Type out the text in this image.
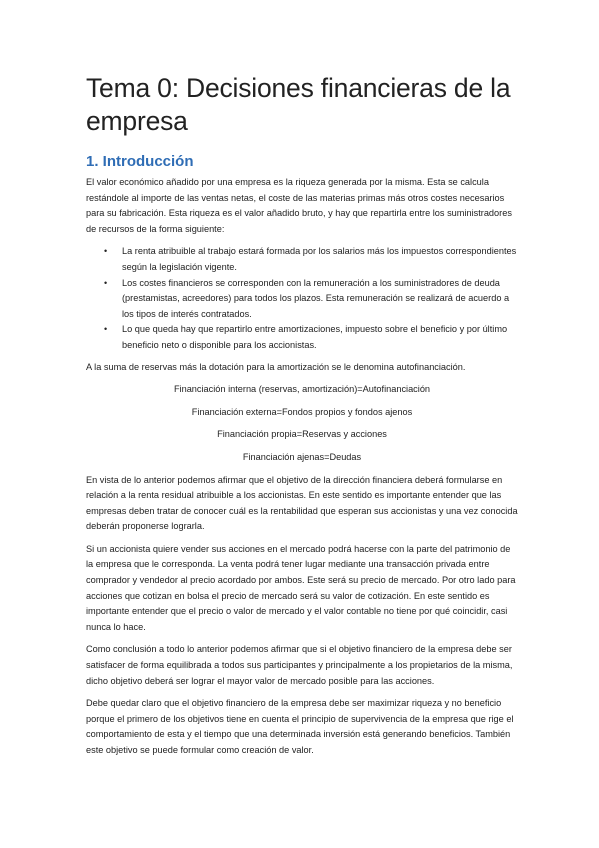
Tema 0: Decisiones financieras de la empresa
1. Introducción

El valor económico añadido por una empresa es la riqueza generada por la misma. Esta se calcula restándole al importe de las ventas netas, el coste de las materias primas más otros costes necesarios para su fabricación. Esta riqueza es el valor añadido bruto, y hay que repartirla entre los suministradores de recursos de la forma siguiente:

• La renta atribuible al trabajo estará formada por los salarios más los impuestos correspondientes según la legislación vigente.
• Los costes financieros se corresponden con la remuneración a los suministradores de deuda (prestamistas, acreedores) para todos los plazos. Esta remuneración se realizará de acuerdo a los tipos de interés contratados.
• Lo que queda hay que repartirlo entre amortizaciones, impuesto sobre el beneficio y por último beneficio neto o disponible para los accionistas.

A la suma de reservas más la dotación para la amortización se le denomina autofinanciación.

Financiación interna (reservas, amortización)=Autofinanciación

Financiación externa=Fondos propios y fondos ajenos

Financiación propia=Reservas y acciones

Financiación ajenas=Deudas

En vista de lo anterior podemos afirmar que el objetivo de la dirección financiera deberá formularse en relación a la renta residual atribuible a los accionistas. En este sentido es importante entender que las empresas deben tratar de conocer cuál es la rentabilidad que esperan sus accionistas y una vez conocida deberán proponerse lograrla.

Si un accionista quiere vender sus acciones en el mercado podrá hacerse con la parte del patrimonio de la empresa que le corresponda. La venta podrá tener lugar mediante una transacción privada entre comprador y vendedor al precio acordado por ambos. Este será su precio de mercado. Por otro lado para acciones que cotizan en bolsa el precio de mercado será su valor de cotización. En este sentido es importante entender que el precio o valor de mercado y el valor contable no tiene por qué coincidir, casi nunca lo hace.

Como conclusión a todo lo anterior podemos afirmar que si el objetivo financiero de la empresa debe ser satisfacer de forma equilibrada a todos sus participantes y principalmente a los propietarios de la misma, dicho objetivo deberá ser lograr el mayor valor de mercado posible para las acciones.

Debe quedar claro que el objetivo financiero de la empresa debe ser maximizar riqueza y no beneficio porque el primero de los objetivos tiene en cuenta el principio de supervivencia de la empresa que rige el comportamiento de esta y el tiempo que una determinada inversión está generando beneficios. También este objetivo se puede formular como creación de valor.
